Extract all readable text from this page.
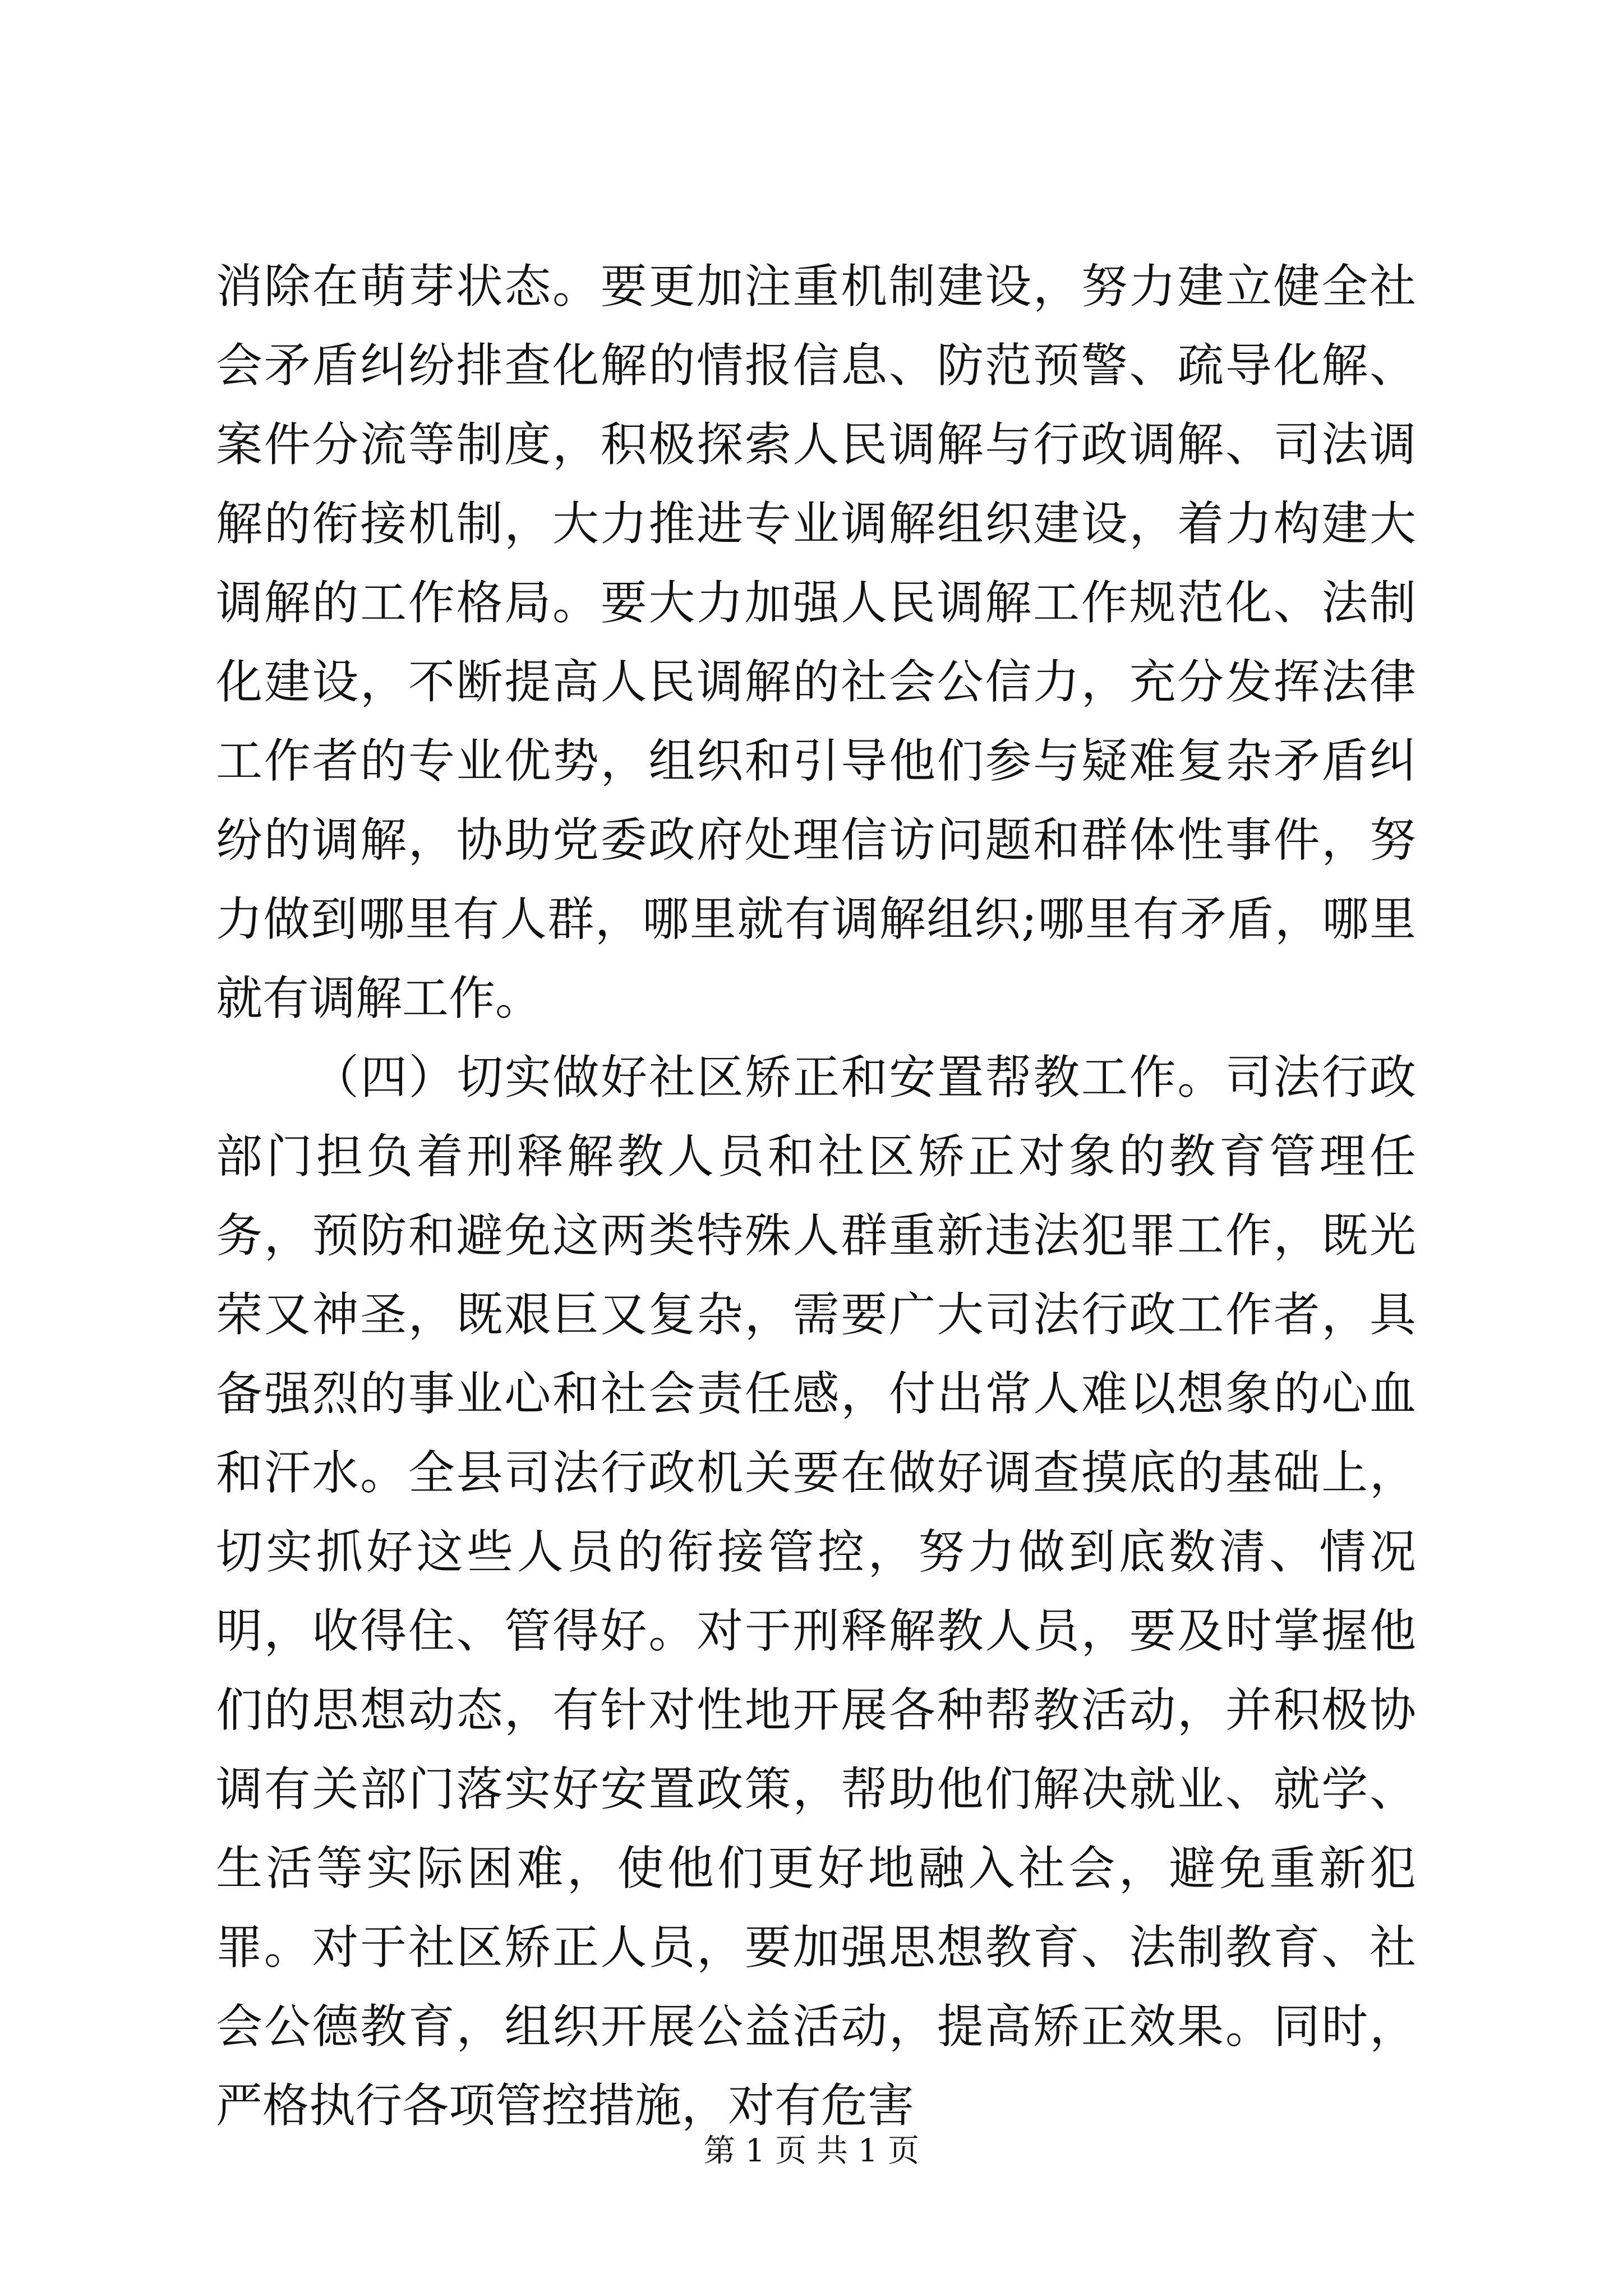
消除在萌芽状态。要更加注重机制建设，努力建立健全社会矛盾纠纷排查化解的情报信息、防范预警、疏导化解、案件分流等制度，积极探索人民调解与行政调解、司法调解的衔接机制，大力推进专业调解组织建设，着力构建大调解的工作格局。要大力加强人民调解工作规范化、法制化建设，不断提高人民调解的社会公信力，充分发挥法律工作者的专业优势，组织和引导他们参与疑难复杂矛盾纠纷的调解，协助党委政府处理信访问题和群体性事件，努力做到哪里有人群，哪里就有调解组织;哪里有矛盾，哪里就有调解工作。

（四）切实做好社区矫正和安置帮教工作。司法行政部门担负着刑释解教人员和社区矫正对象的教育管理任务，预防和避免这两类特殊人群重新违法犯罪工作，既光荣又神圣，既艰巨又复杂，需要广大司法行政工作者，具备强烈的事业心和社会责任感，付出常人难以想象的心血和汗水。全县司法行政机关要在做好调查摸底的基础上，切实抓好这些人员的衔接管控，努力做到底数清、情况明，收得住、管得好。对于刑释解教人员，要及时掌握他们的思想动态，有针对性地开展各种帮教活动，并积极协调有关部门落实好安置政策，帮助他们解决就业、就学、生活等实际困难，使他们更好地融入社会，避免重新犯罪。对于社区矫正人员，要加强思想教育、法制教育、社会公德教育，组织开展公益活动，提高矫正效果。同时，严格执行各项管控措施，对有危害

第 1 页 共 1 页
